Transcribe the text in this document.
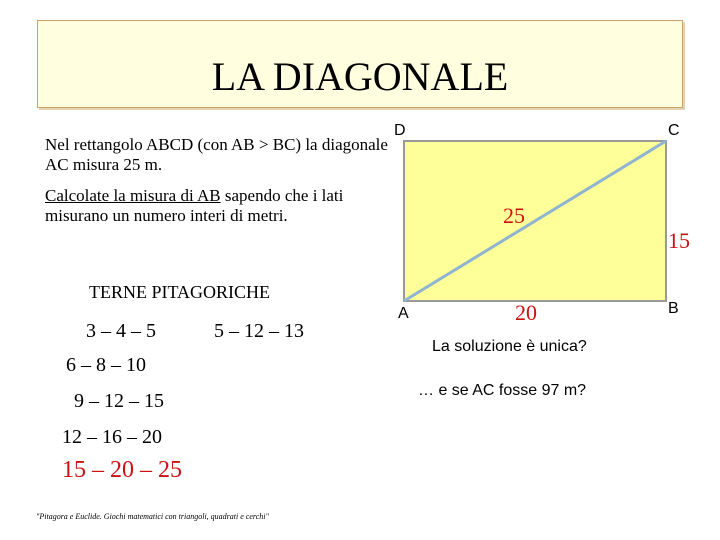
LA DIAGONALE

Nel rettangolo ABCD (con AB > BC) la diagonale AC misura 25 m.

Calcolate la misura di AB sapendo che i lati misurano un numero interi di metri.

TERNE PITAGORICHE
3 – 4 – 5	5 – 12 – 13
6 – 8 – 10
9 – 12 – 15
12 – 16 – 20
15 – 20 – 25
"Pitagora e Euclide. Giochi matematici con triangoli, quadrati e cerchi"
D	C
A	B
25
15
20
La soluzione è unica?
… e se AC fosse 97 m?
